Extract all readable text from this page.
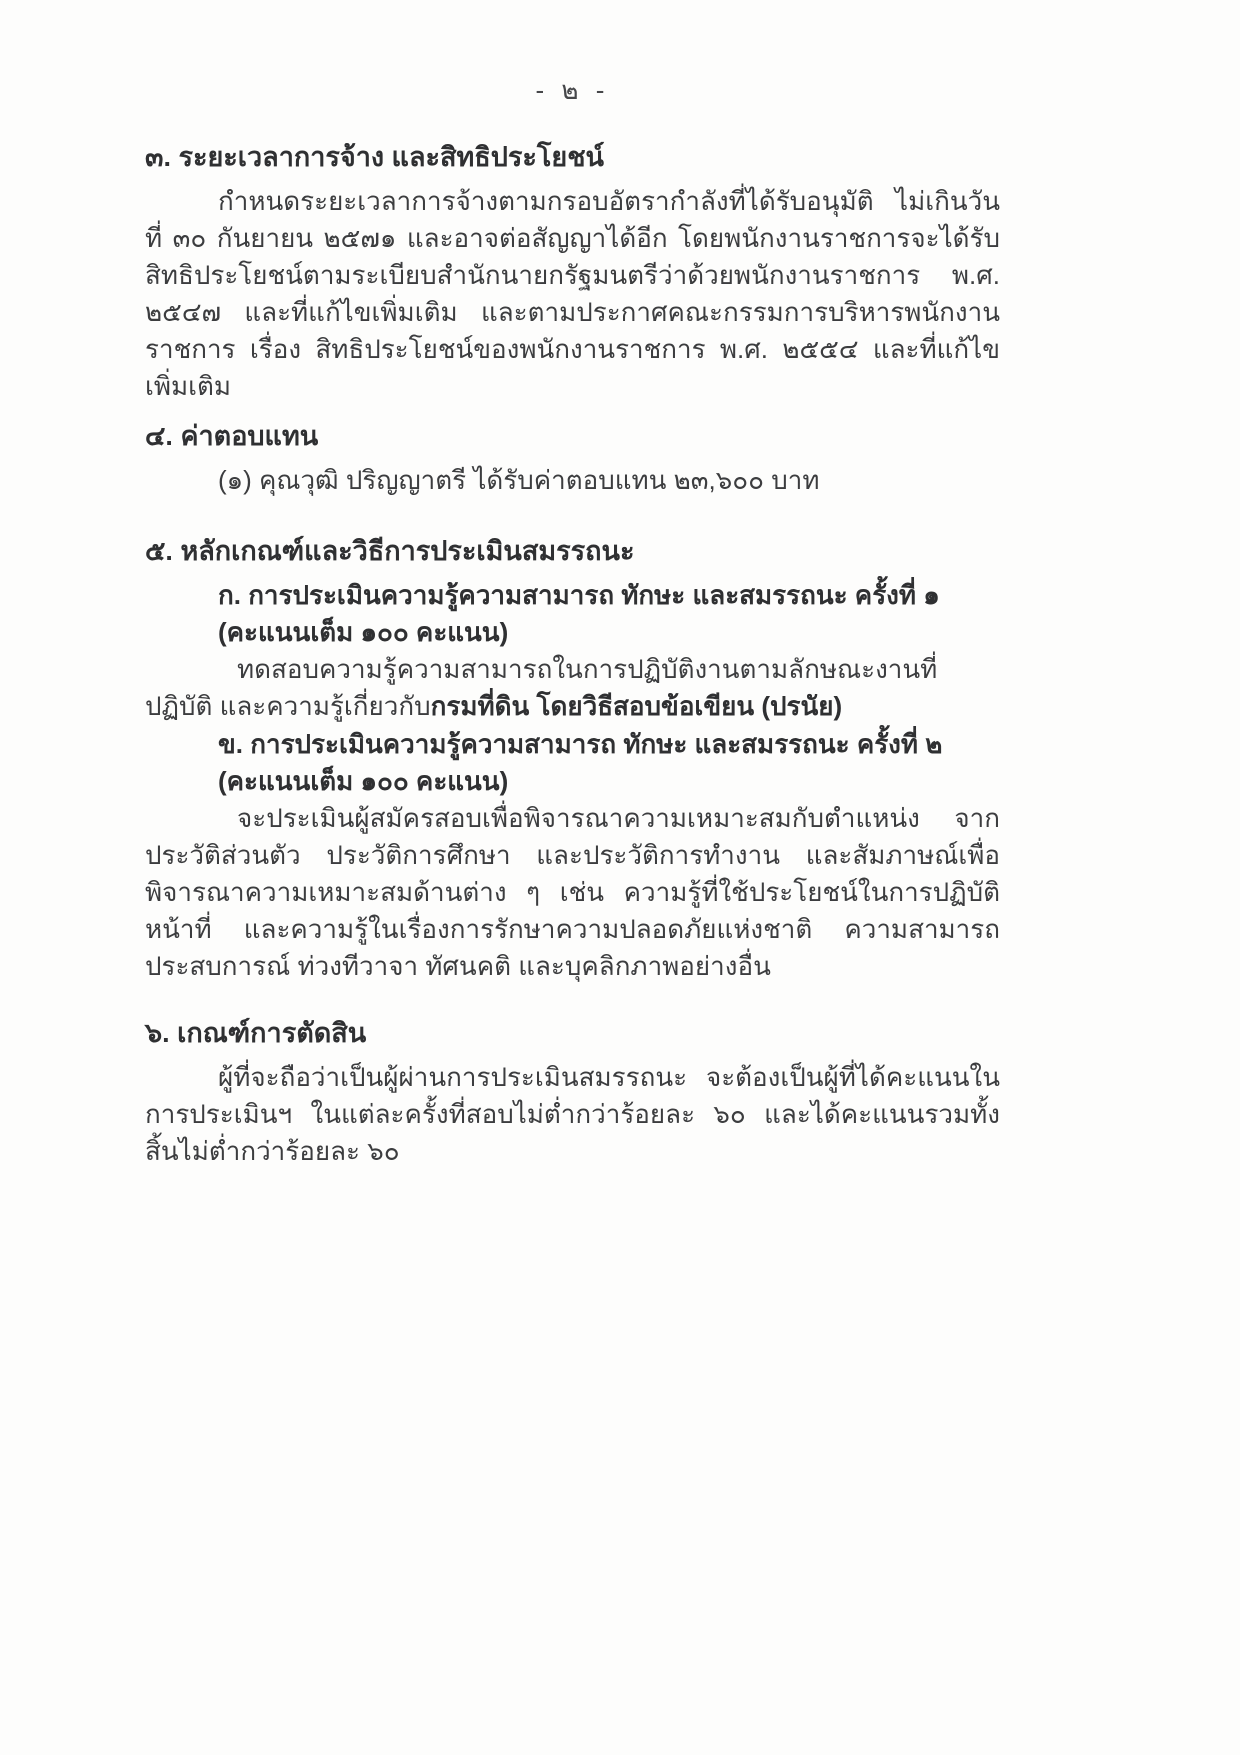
- ๒ -
๓. ระยะเวลาการจ้าง และสิทธิประโยชน์

กำหนดระยะเวลาการจ้างตามกรอบอัตรากำลังที่ได้รับอนุมัติ ไม่เกินวันที่ ๓๐ กันยายน ๒๕๗๑ และอาจต่อสัญญาได้อีก โดยพนักงานราชการจะได้รับสิทธิประโยชน์ตามระเบียบสำนักนายกรัฐมนตรีว่าด้วยพนักงานราชการ พ.ศ. ๒๕๔๗ และที่แก้ไขเพิ่มเติม และตามประกาศคณะกรรมการบริหารพนักงานราชการ เรื่อง สิทธิประโยชน์ของพนักงานราชการ พ.ศ. ๒๕๕๔ และที่แก้ไขเพิ่มเติม

๔. ค่าตอบแทน

(๑) คุณวุฒิ ปริญญาตรี ได้รับค่าตอบแทน ๒๓,๖๐๐ บาท

๕. หลักเกณฑ์และวิธีการประเมินสมรรถนะ

ก. การประเมินความรู้ความสามารถ ทักษะ และสมรรถนะ ครั้งที่ ๑ (คะแนนเต็ม ๑๐๐ คะแนน)

ทดสอบความรู้ความสามารถในการปฏิบัติงานตามลักษณะงานที่ปฏิบัติ และความรู้เกี่ยวกับกรมที่ดิน โดยวิธีสอบข้อเขียน (ปรนัย)

ข. การประเมินความรู้ความสามารถ ทักษะ และสมรรถนะ ครั้งที่ ๒ (คะแนนเต็ม ๑๐๐ คะแนน)

จะประเมินผู้สมัครสอบเพื่อพิจารณาความเหมาะสมกับตำแหน่ง จากประวัติส่วนตัว ประวัติการศึกษา และประวัติการทำงาน และสัมภาษณ์เพื่อพิจารณาความเหมาะสมด้านต่าง ๆ เช่น ความรู้ที่ใช้ประโยชน์ในการปฏิบัติหน้าที่ และความรู้ในเรื่องการรักษาความปลอดภัยแห่งชาติ ความสามารถ ประสบการณ์ ท่วงทีวาจา ทัศนคติ และบุคลิกภาพอย่างอื่น

๖. เกณฑ์การตัดสิน

ผู้ที่จะถือว่าเป็นผู้ผ่านการประเมินสมรรถนะ จะต้องเป็นผู้ที่ได้คะแนนในการประเมินฯ ในแต่ละครั้งที่สอบไม่ต่ำกว่าร้อยละ ๖๐ และได้คะแนนรวมทั้งสิ้นไม่ต่ำกว่าร้อยละ ๖๐
